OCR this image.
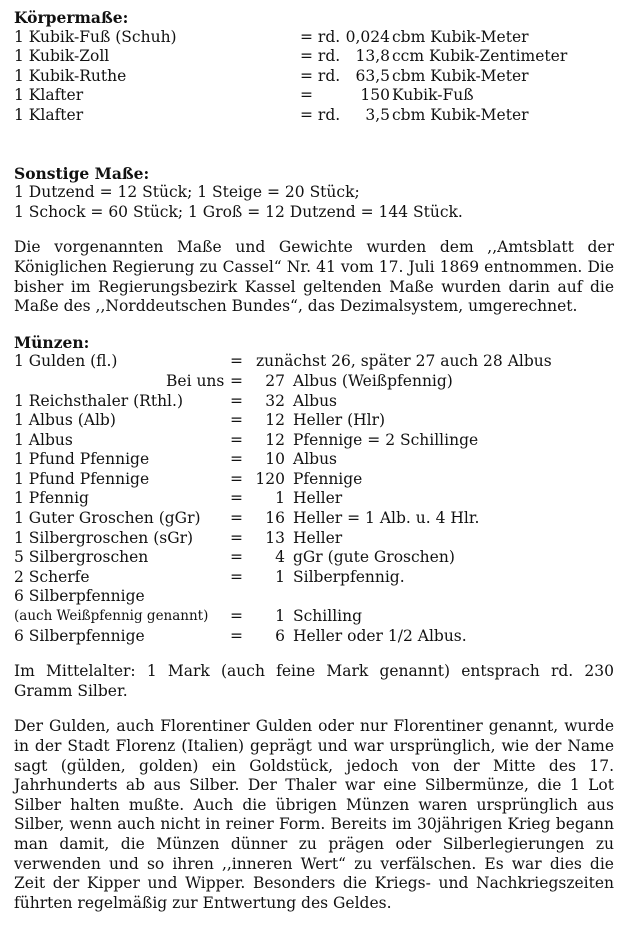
Körpermaße:

1 Kubik-Fuß (Schuh)	= rd. 0,024 cbm Kubik-Meter
1 Kubik-Zoll	= rd. 13,8 ccm Kubik-Zentimeter
1 Kubik-Ruthe	= rd. 63,5 cbm Kubik-Meter
1 Klafter	=	150 Kubik-Fuß
1 Klafter	= rd.	3,5 cbm Kubik-Meter

Sonstige Maße:

1 Dutzend = 12 Stück; 1 Steige = 20 Stück;
1 Schock = 60 Stück; 1 Groß = 12 Dutzend = 144 Stück.

Die vorgenannten Maße und Gewichte wurden dem ,,Amtsblatt der Königlichen Regierung zu Cassel“ Nr. 41 vom 17. Juli 1869 entnommen. Die bisher im Regierungsbezirk Kassel geltenden Maße wurden darin auf die Maße des ,,Norddeutschen Bundes“, das Dezimalsystem, umgerechnet.

Münzen:

1 Gulden (fl.)	= zunächst 26, später 27 auch 28 Albus
Bei uns =	27 Albus (Weißpfennig)
1 Reichsthaler (Rthl.)	=	32 Albus
1 Albus (Alb)	=	12 Heller (Hlr)
1 Albus	=	12 Pfennige = 2 Schillinge
1 Pfund Pfennige	=	10 Albus
1 Pfund Pfennige	= 120 Pfennige
1 Pfennig	=	1 Heller
1 Guter Groschen (gGr) =	16 Heller = 1 Alb. u. 4 Hlr.
1 Silbergroschen (sGr) =	13 Heller
5 Silbergroschen	=	4 gGr (gute Groschen)
2 Scherfe	=	1 Silberpfennig.
6 Silberpfennige
(auch Weißpfennig genannt) =	1 Schilling
6 Silberpfennige	=	6 Heller oder 1/2 Albus.

Im Mittelalter: 1 Mark (auch feine Mark genannt) entsprach rd. 230 Gramm Silber.

Der Gulden, auch Florentiner Gulden oder nur Florentiner genannt, wurde in der Stadt Florenz (Italien) geprägt und war ursprünglich, wie der Name sagt (gülden, golden) ein Goldstück, jedoch von der Mitte des 17. Jahrhunderts ab aus Silber. Der Thaler war eine Silbermünze, die 1 Lot Silber halten mußte. Auch die übrigen Münzen waren ursprünglich aus Silber, wenn auch nicht in reiner Form. Bereits im 30jährigen Krieg begann man damit, die Münzen dünner zu prägen oder Silberlegierungen zu verwenden und so ihren ,,inneren Wert“ zu verfälschen. Es war dies die Zeit der Kipper und Wipper. Besonders die Kriegs- und Nachkriegszeiten führten regelmäßig zur Entwertung des Geldes.
